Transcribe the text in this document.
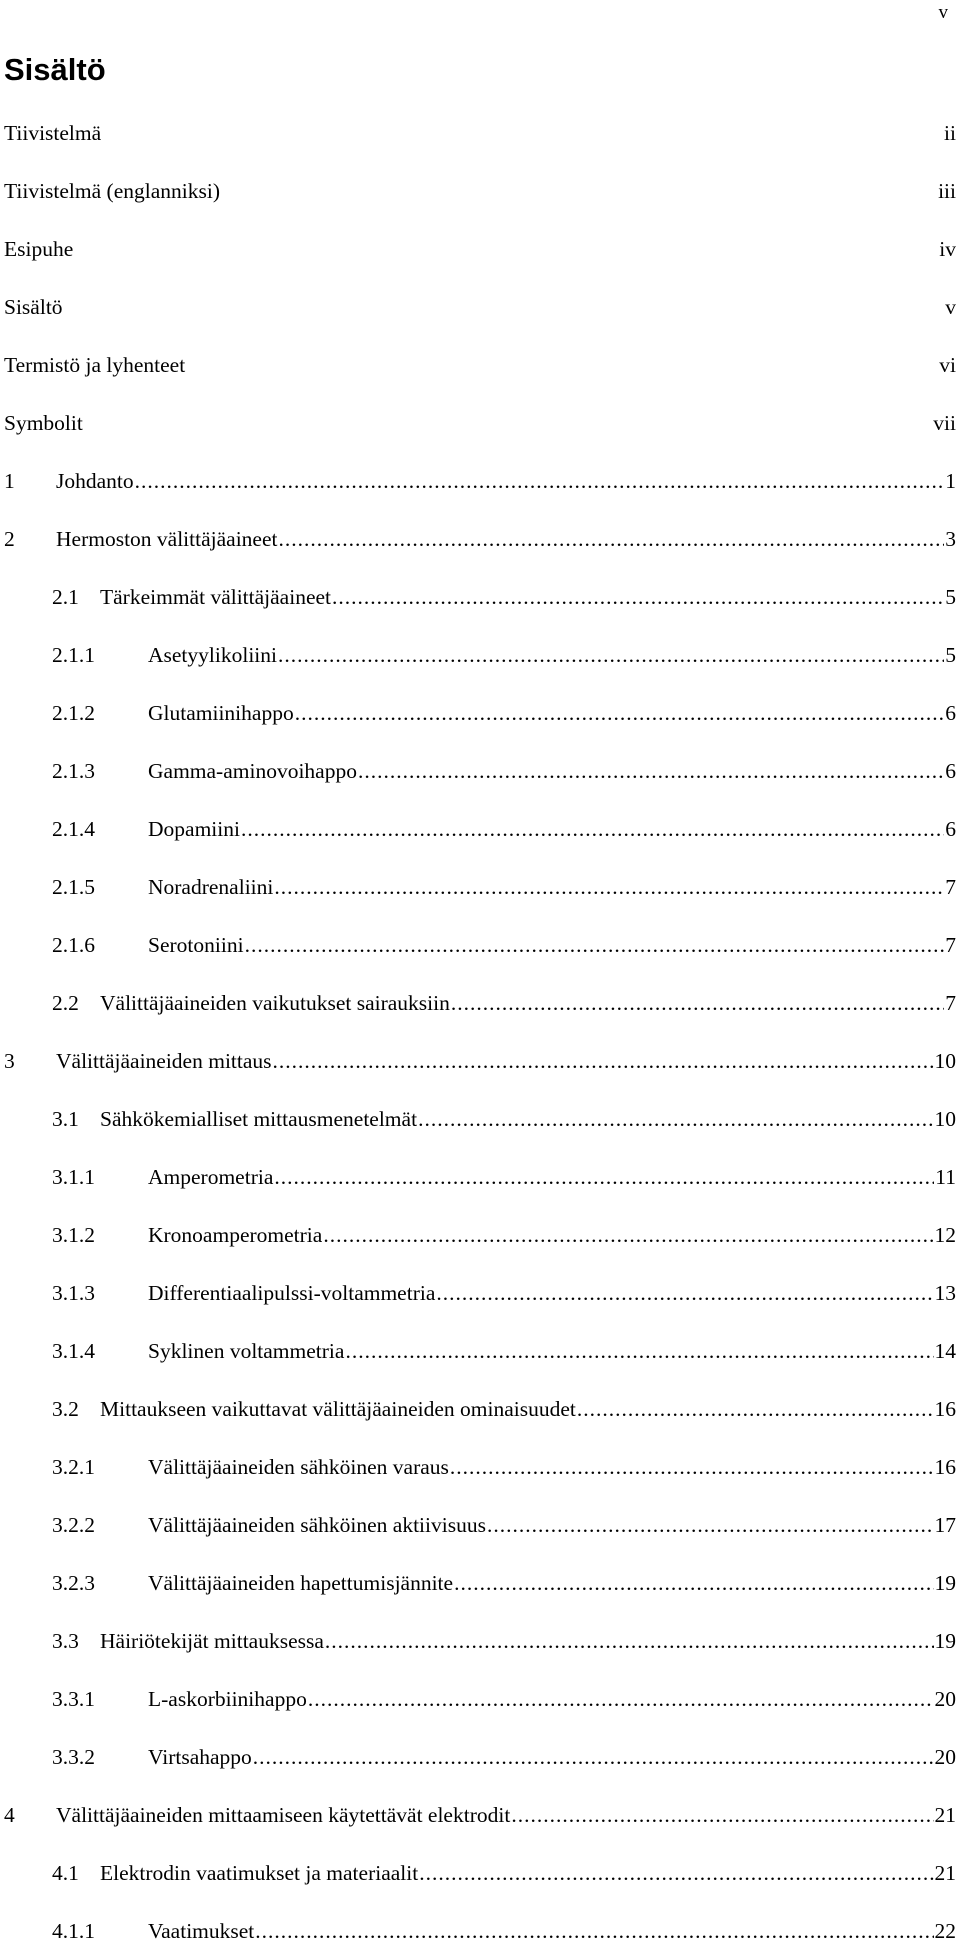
v
Sisältö
Tiivistelmä	ii
Tiivistelmä (englanniksi)	iii
Esipuhe	iv
Sisältö	v
Termistö ja lyhenteet	vi
Symbolit	vii
1 Johdanto .....	1
2 Hermoston välittäjäaineet .....	3
2.1 Tärkeimmät välittäjäaineet .....	5
2.1.1 Asetyylikoliini .....	5
2.1.2 Glutamiinihappo .....	6
2.1.3 Gamma-aminovoihappo .....	6
2.1.4 Dopamiini .....	6
2.1.5 Noradrenaliini .....	7
2.1.6 Serotoniini .....	7
2.2 Välittäjäaineiden vaikutukset sairauksiin .....	7
3 Välittäjäaineiden mittaus .....	10
3.1 Sähkökemialliset mittausmenetelmät .....	10
3.1.1 Amperometria .....	11
3.1.2 Kronoamperometria .....	12
3.1.3 Differentiaalipulssi-voltammetria .....	13
3.1.4 Syklinen voltammetria .....	14
3.2 Mittaukseen vaikuttavat välittäjäaineiden ominaisuudet .....	16
3.2.1 Välittäjäaineiden sähköinen varaus .....	16
3.2.2 Välittäjäaineiden sähköinen aktiivisuus .....	17
3.2.3 Välittäjäaineiden hapettumisjännite .....	19
3.3 Häiriötekijät mittauksessa .....	19
3.3.1 L-askorbiinihappo .....	20
3.3.2 Virtsahappo .....	20
4 Välittäjäaineiden mittaamiseen käytettävät elektrodit .....	21
4.1 Elektrodin vaatimukset ja materiaalit .....	21
4.1.1 Vaatimukset .....	22
